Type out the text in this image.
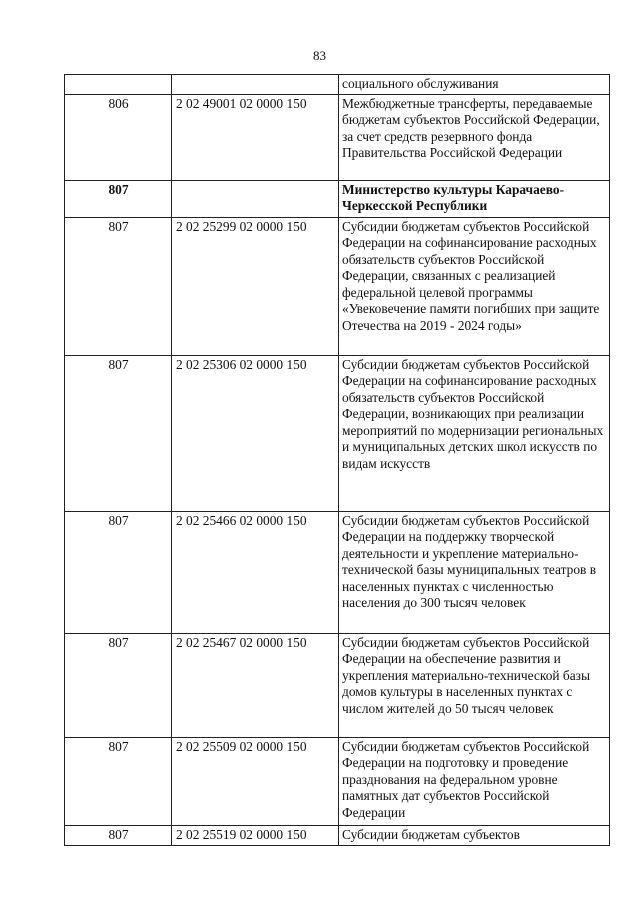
83
		социального обслуживания
806	2 02 49001 02 0000 150	Межбюджетные трансферты, передаваемые бюджетам субъектов Российской Федерации, за счет средств резервного фонда Правительства Российской Федерации
807		Министерство культуры Карачаево-Черкесской Республики
807	2 02 25299 02 0000 150	Субсидии бюджетам субъектов Российской Федерации на софинансирование расходных обязательств субъектов Российской Федерации, связанных с реализацией федеральной целевой программы «Увековечение памяти погибших при защите Отечества на 2019 - 2024 годы»
807	2 02 25306 02 0000 150	Субсидии бюджетам субъектов Российской Федерации на софинансирование расходных обязательств субъектов Российской Федерации, возникающих при реализации мероприятий по модернизации региональных и муниципальных детских школ искусств по видам искусств
807	2 02 25466 02 0000 150	Субсидии бюджетам субъектов Российской Федерации на поддержку творческой деятельности и укрепление материально-технической базы муниципальных театров в населенных пунктах с численностью населения до 300 тысяч человек
807	2 02 25467 02 0000 150	Субсидии бюджетам субъектов Российской Федерации на обеспечение развития и укрепления материально-технической базы домов культуры в населенных пунктах с числом жителей до 50 тысяч человек
807	2 02 25509 02 0000 150	Субсидии бюджетам субъектов Российской Федерации на подготовку и проведение празднования на федеральном уровне памятных дат субъектов Российской Федерации
807	2 02 25519 02 0000 150	Субсидии бюджетам субъектов
